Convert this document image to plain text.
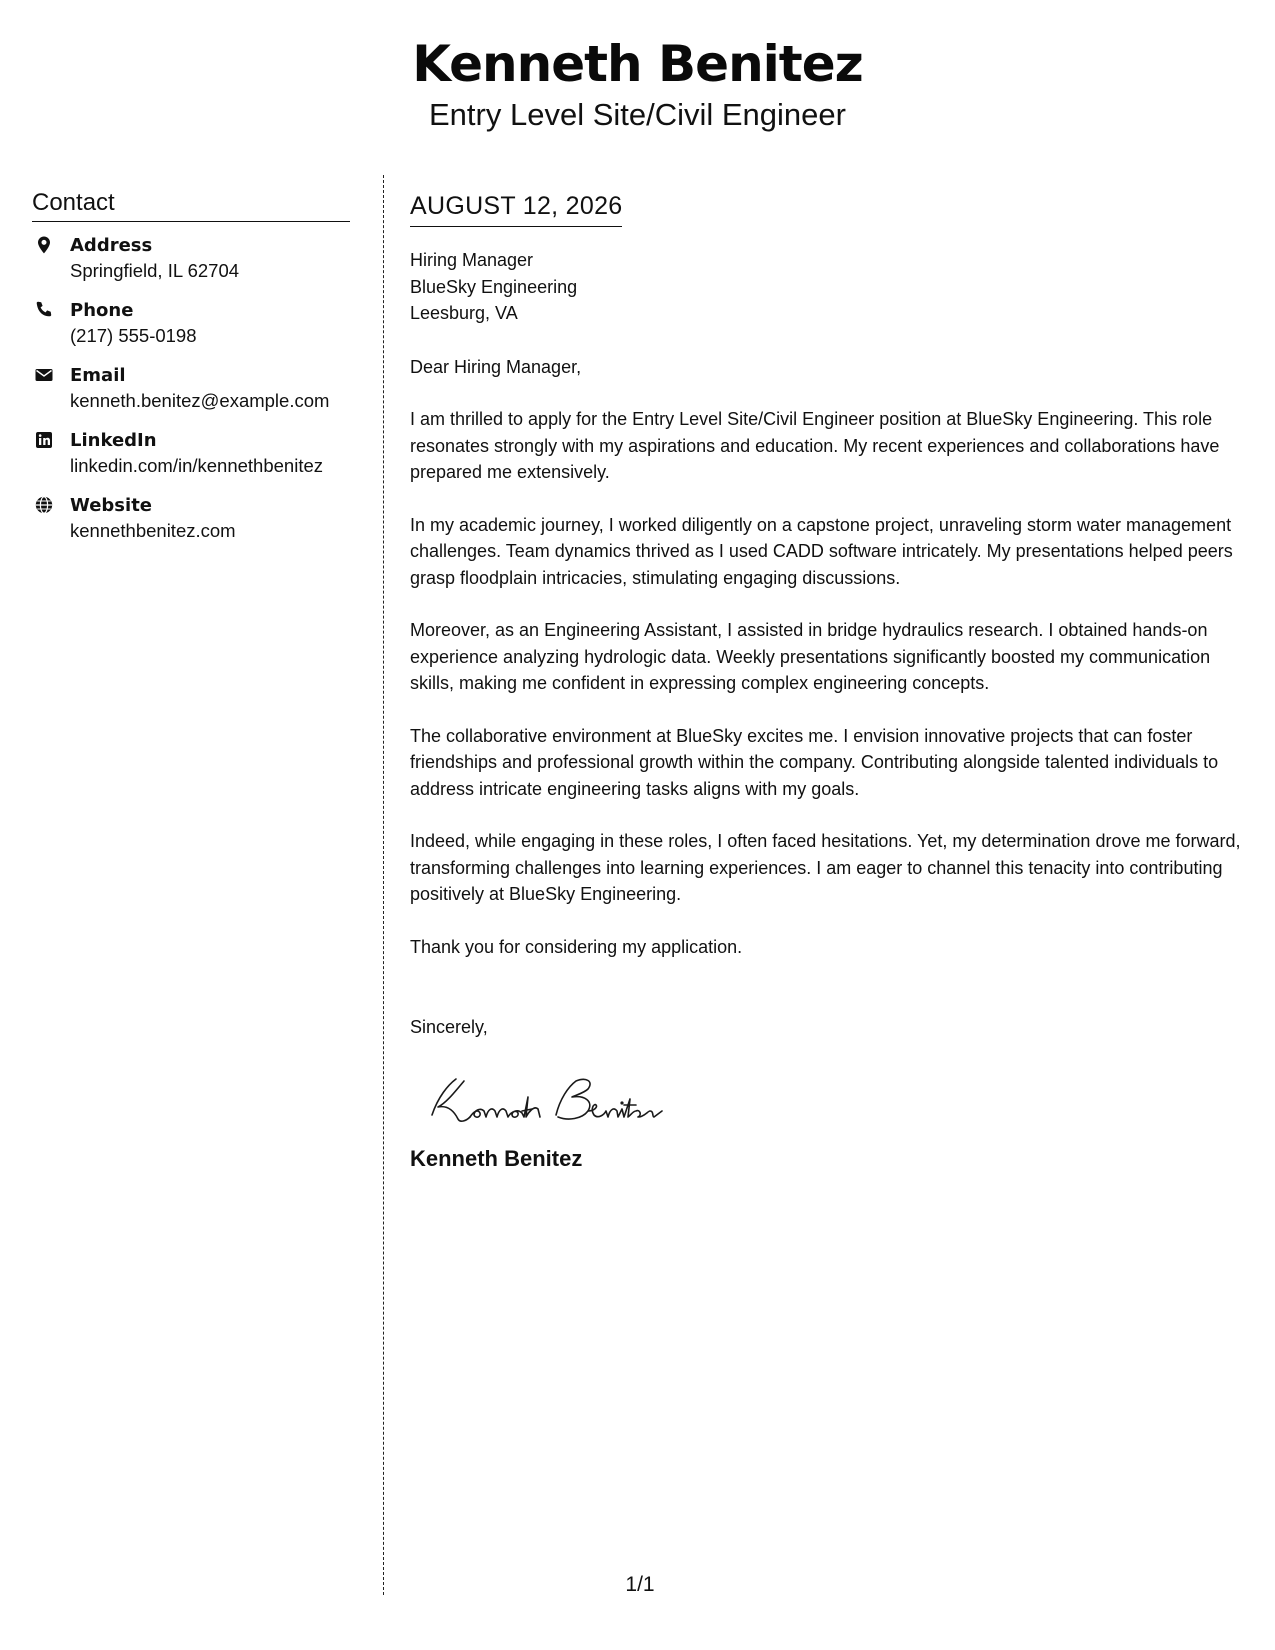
Kenneth Benitez
Entry Level Site/Civil Engineer
Contact
Address
Springfield, IL 62704
Phone
(217) 555-0198
Email
kenneth.benitez@example.com
LinkedIn
linkedin.com/in/kennethbenitez
Website
kennethbenitez.com
AUGUST 12, 2026
Hiring Manager
BlueSky Engineering
Leesburg, VA
Dear Hiring Manager,
I am thrilled to apply for the Entry Level Site/Civil Engineer position at BlueSky Engineering. This role resonates strongly with my aspirations and education. My recent experiences and collaborations have prepared me extensively.
In my academic journey, I worked diligently on a capstone project, unraveling storm water management challenges. Team dynamics thrived as I used CADD software intricately. My presentations helped peers grasp floodplain intricacies, stimulating engaging discussions.
Moreover, as an Engineering Assistant, I assisted in bridge hydraulics research. I obtained hands-on experience analyzing hydrologic data. Weekly presentations significantly boosted my communication skills, making me confident in expressing complex engineering concepts.
The collaborative environment at BlueSky excites me. I envision innovative projects that can foster friendships and professional growth within the company. Contributing alongside talented individuals to address intricate engineering tasks aligns with my goals.
Indeed, while engaging in these roles, I often faced hesitations. Yet, my determination drove me forward, transforming challenges into learning experiences. I am eager to channel this tenacity into contributing positively at BlueSky Engineering.
Thank you for considering my application.
Sincerely,
Kenneth Benitez
1/1
